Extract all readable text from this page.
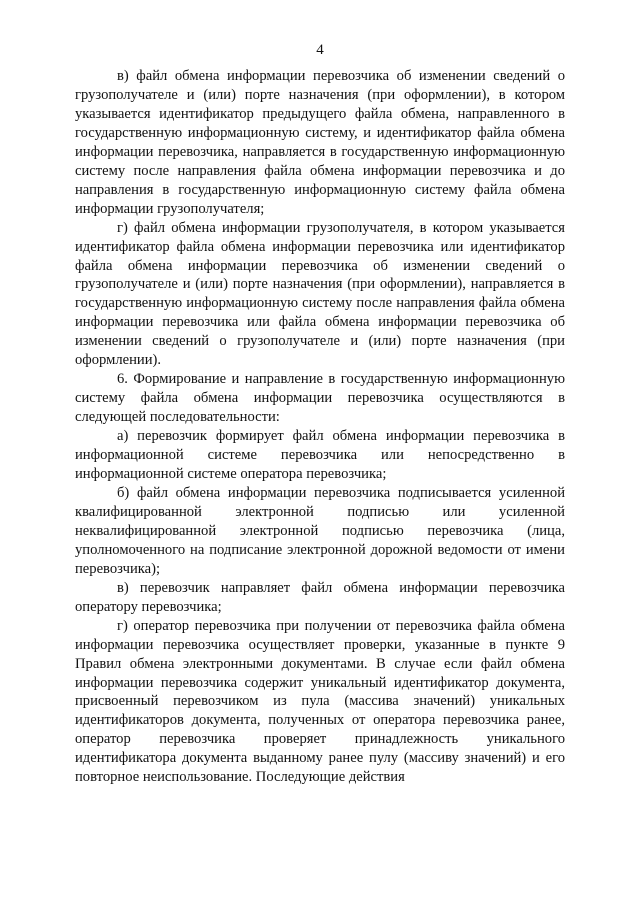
4

в) файл обмена информации перевозчика об изменении сведений о грузополучателе и (или) порте назначения (при оформлении), в котором указывается идентификатор предыдущего файла обмена, направленного в государственную информационную систему, и идентификатор файла обмена информации перевозчика, направляется в государственную информационную систему после направления файла обмена информации перевозчика и до направления в государственную информационную систему файла обмена информации грузополучателя;

г) файл обмена информации грузополучателя, в котором указывается идентификатор файла обмена информации перевозчика или идентификатор файла обмена информации перевозчика об изменении сведений о грузополучателе и (или) порте назначения (при оформлении), направляется в государственную информационную систему после направления файла обмена информации перевозчика или файла обмена информации перевозчика об изменении сведений о грузополучателе и (или) порте назначения (при оформлении).

6. Формирование и направление в государственную информационную систему файла обмена информации перевозчика осуществляются в следующей последовательности:

а) перевозчик формирует файл обмена информации перевозчика в информационной системе перевозчика или непосредственно в информационной системе оператора перевозчика;

б) файл обмена информации перевозчика подписывается усиленной квалифицированной электронной подписью или усиленной неквалифицированной электронной подписью перевозчика (лица, уполномоченного на подписание электронной дорожной ведомости от имени перевозчика);

в) перевозчик направляет файл обмена информации перевозчика оператору перевозчика;

г) оператор перевозчика при получении от перевозчика файла обмена информации перевозчика осуществляет проверки, указанные в пункте 9 Правил обмена электронными документами. В случае если файл обмена информации перевозчика содержит уникальный идентификатор документа, присвоенный перевозчиком из пула (массива значений) уникальных идентификаторов документа, полученных от оператора перевозчика ранее, оператор перевозчика проверяет принадлежность уникального идентификатора документа выданному ранее пулу (массиву значений) и его повторное неиспользование. Последующие действия
